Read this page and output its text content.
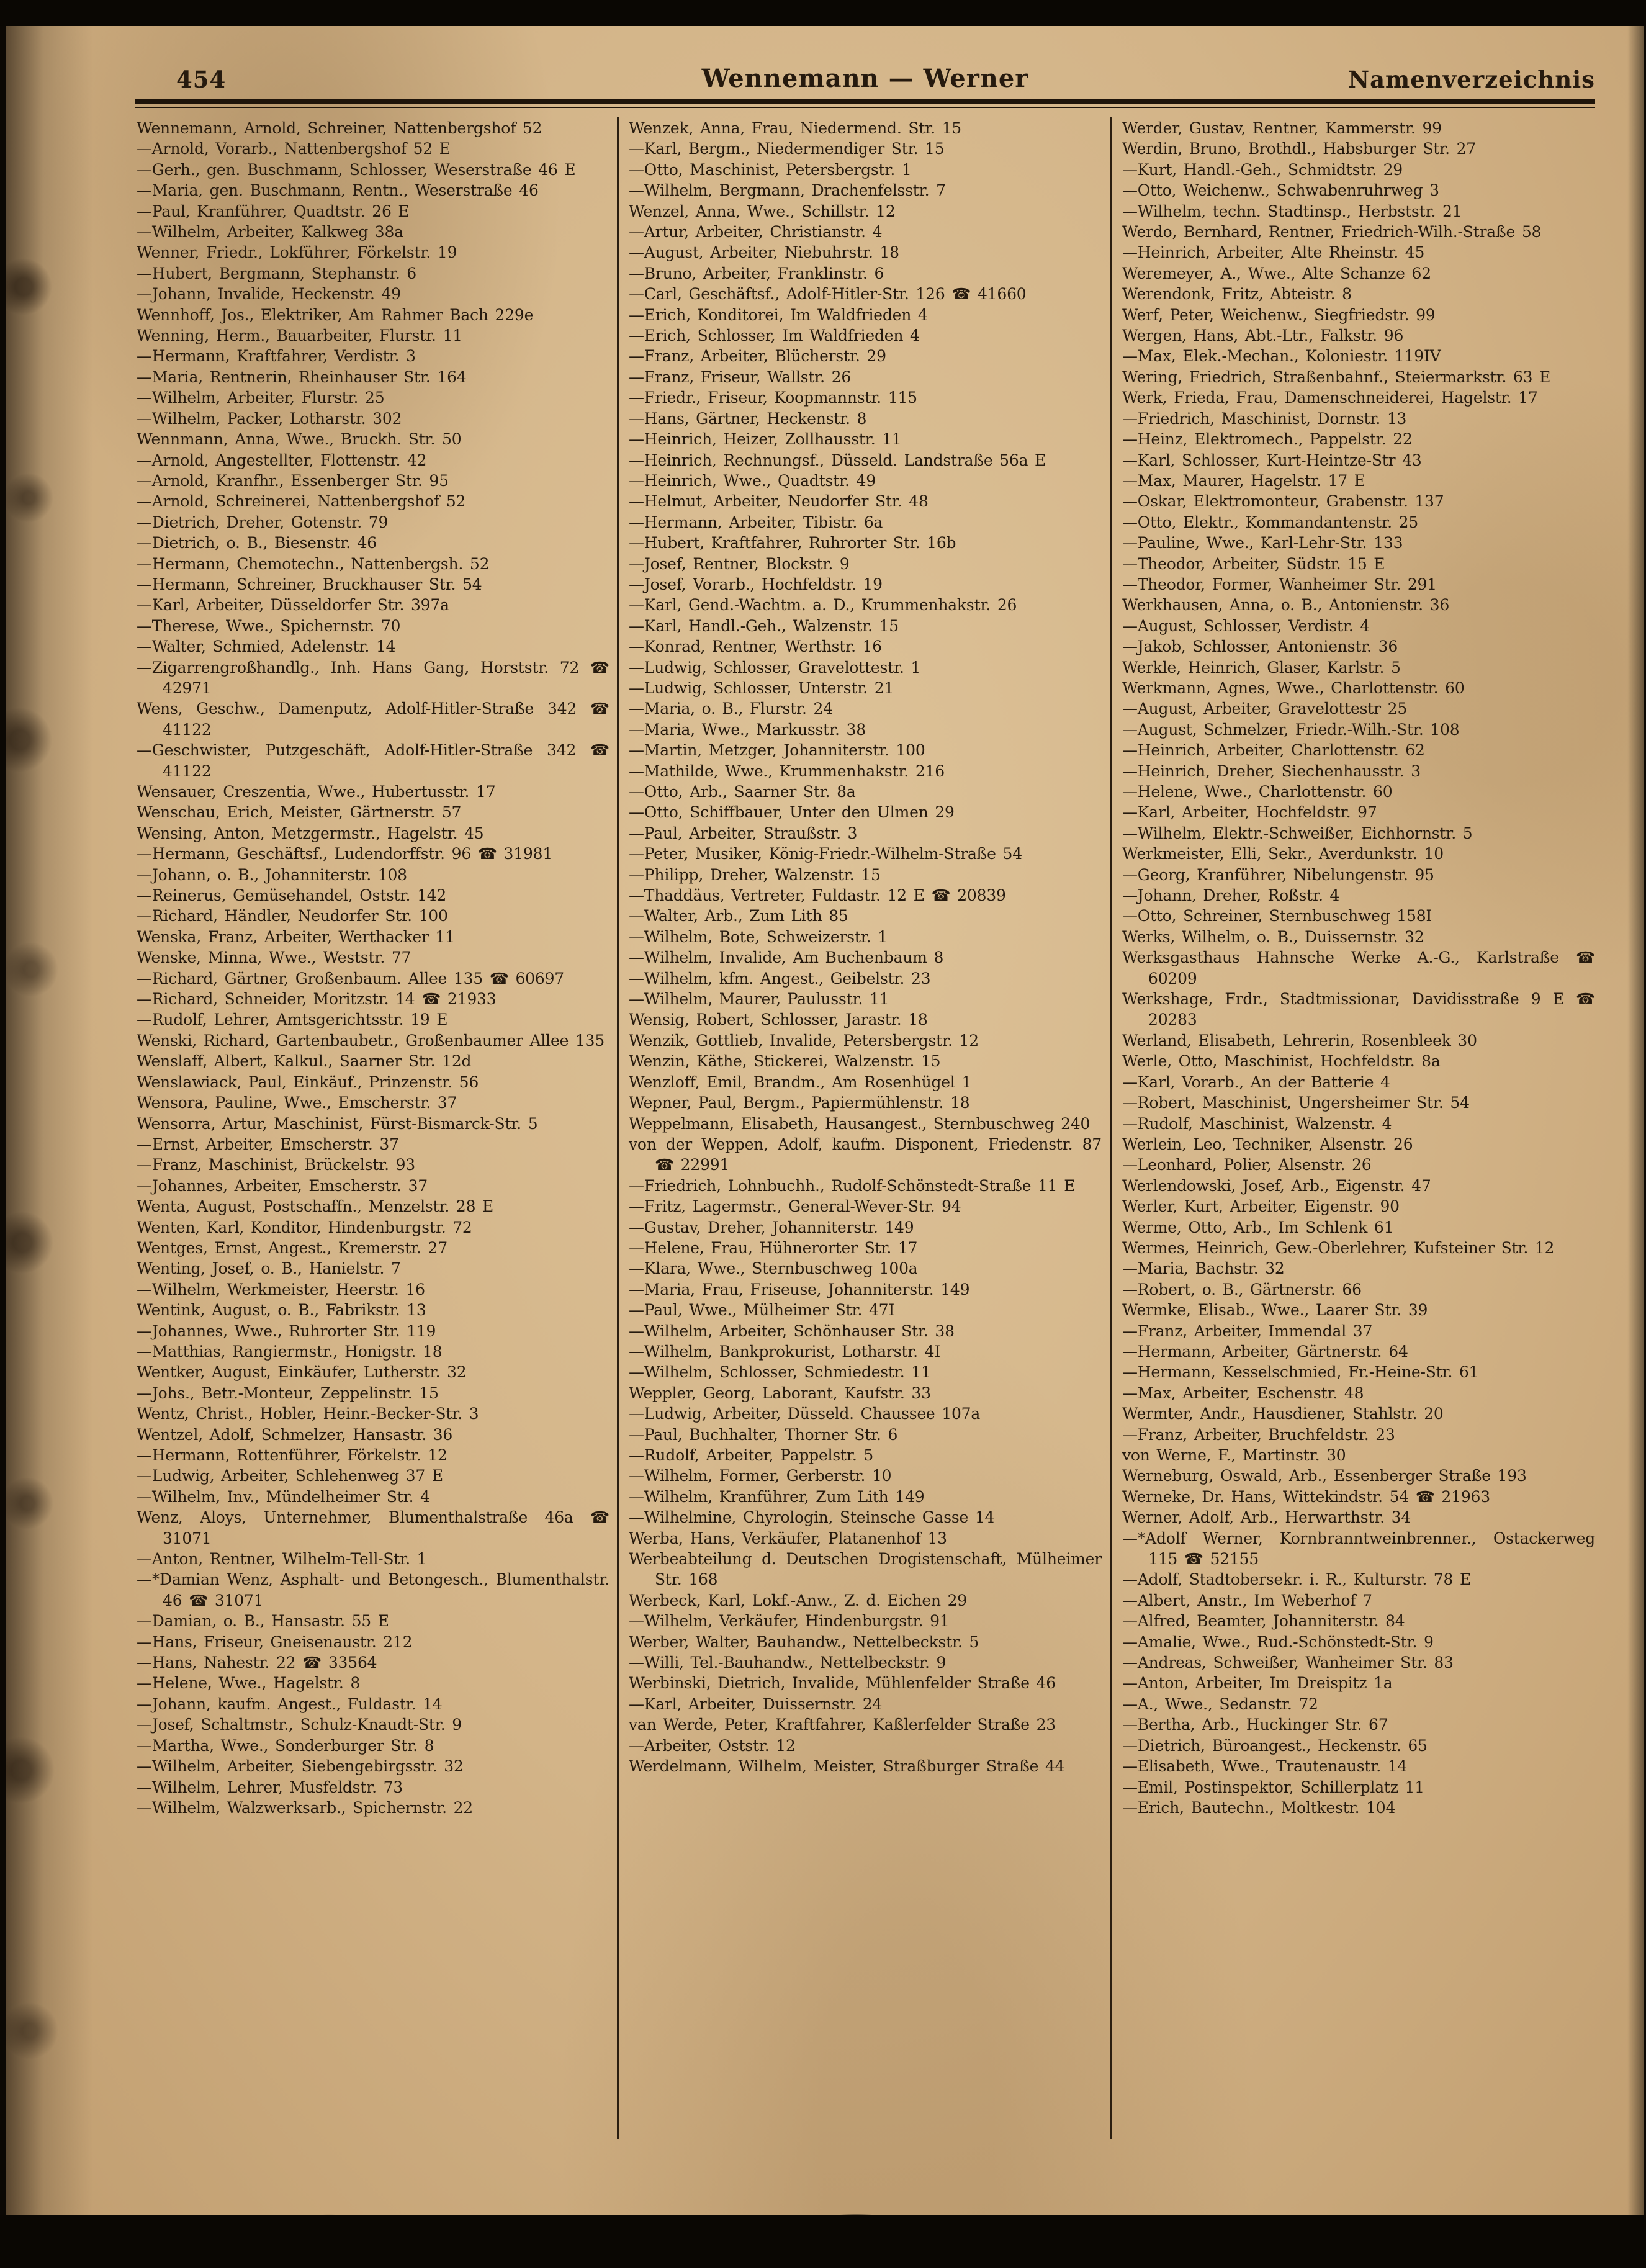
454	Wennemann — Werner	Namenverzeichnis

Wennemann, Arnold, Schreiner, Nattenbergshof 52

—Arnold, Vorarb., Nattenbergshof 52 E

—Gerh., gen. Buschmann, Schlosser, Weserstraße 46 E

—Maria, gen. Buschmann, Rentn., Weserstraße 46

—Paul, Kranführer, Quadtstr. 26 E

—Wilhelm, Arbeiter, Kalkweg 38a

Wenner, Friedr., Lokführer, Förkelstr. 19

—Hubert, Bergmann, Stephanstr. 6

—Johann, Invalide, Heckenstr. 49

Wennhoff, Jos., Elektriker, Am Rahmer Bach 229e

Wenning, Herm., Bauarbeiter, Flurstr. 11

—Hermann, Kraftfahrer, Verdistr. 3

—Maria, Rentnerin, Rheinhauser Str. 164

—Wilhelm, Arbeiter, Flurstr. 25

—Wilhelm, Packer, Lotharstr. 302

Wennmann, Anna, Wwe., Bruckh. Str. 50

—Arnold, Angestellter, Flottenstr. 42

—Arnold, Kranfhr., Essenberger Str. 95

—Arnold, Schreinerei, Nattenbergshof 52

—Dietrich, Dreher, Gotenstr. 79

—Dietrich, o. B., Biesenstr. 46

—Hermann, Chemotechn., Nattenbergsh. 52

—Hermann, Schreiner, Bruckhauser Str. 54

—Karl, Arbeiter, Düsseldorfer Str. 397a

—Therese, Wwe., Spichernstr. 70

—Walter, Schmied, Adelenstr. 14

—Zigarrengroßhandlg., Inh. Hans Gang, Horststr. 72 ☎ 42971

Wens, Geschw., Damenputz, Adolf-Hitler-Straße 342 ☎ 41122

—Geschwister, Putzgeschäft, Adolf-Hitler-Straße 342 ☎ 41122

Wensauer, Creszentia, Wwe., Hubertusstr. 17

Wenschau, Erich, Meister, Gärtnerstr. 57

Wensing, Anton, Metzgermstr., Hagelstr. 45

—Hermann, Geschäftsf., Ludendorffstr. 96 ☎ 31981

—Johann, o. B., Johanniterstr. 108

—Reinerus, Gemüsehandel, Oststr. 142

—Richard, Händler, Neudorfer Str. 100

Wenska, Franz, Arbeiter, Werthacker 11

Wenske, Minna, Wwe., Weststr. 77

—Richard, Gärtner, Großenbaum. Allee 135 ☎ 60697

—Richard, Schneider, Moritzstr. 14 ☎ 21933

—Rudolf, Lehrer, Amtsgerichtsstr. 19 E

Wenski, Richard, Gartenbaubetr., Großenbaumer Allee 135

Wenslaff, Albert, Kalkul., Saarner Str. 12d

Wenslawiack, Paul, Einkäuf., Prinzenstr. 56

Wensora, Pauline, Wwe., Emscherstr. 37

Wensorra, Artur, Maschinist, Fürst-Bismarck-Str. 5

—Ernst, Arbeiter, Emscherstr. 37

—Franz, Maschinist, Brückelstr. 93

—Johannes, Arbeiter, Emscherstr. 37

Wenta, August, Postschaffn., Menzelstr. 28 E

Wenten, Karl, Konditor, Hindenburgstr. 72

Wentges, Ernst, Angest., Kremerstr. 27

Wenting, Josef, o. B., Hanielstr. 7

—Wilhelm, Werkmeister, Heerstr. 16

Wentink, August, o. B., Fabrikstr. 13

—Johannes, Wwe., Ruhrorter Str. 119

—Matthias, Rangiermstr., Honigstr. 18

Wentker, August, Einkäufer, Lutherstr. 32

—Johs., Betr.-Monteur, Zeppelinstr. 15

Wentz, Christ., Hobler, Heinr.-Becker-Str. 3

Wentzel, Adolf, Schmelzer, Hansastr. 36

—Hermann, Rottenführer, Förkelstr. 12

—Ludwig, Arbeiter, Schlehenweg 37 E

—Wilhelm, Inv., Mündelheimer Str. 4

Wenz, Aloys, Unternehmer, Blumenthalstraße 46a ☎ 31071

—Anton, Rentner, Wilhelm-Tell-Str. 1

—*Damian Wenz, Asphalt- und Betongesch., Blumenthalstr. 46 ☎ 31071

—Damian, o. B., Hansastr. 55 E

—Hans, Friseur, Gneisenaustr. 212

—Hans, Nahestr. 22 ☎ 33564

—Helene, Wwe., Hagelstr. 8

—Johann, kaufm. Angest., Fuldastr. 14

—Josef, Schaltmstr., Schulz-Knaudt-Str. 9

—Martha, Wwe., Sonderburger Str. 8

—Wilhelm, Arbeiter, Siebengebirgsstr. 32

—Wilhelm, Lehrer, Musfeldstr. 73

—Wilhelm, Walzwerksarb., Spichernstr. 22

Wenzek, Anna, Frau, Niedermend. Str. 15

—Karl, Bergm., Niedermendiger Str. 15

—Otto, Maschinist, Petersbergstr. 1

—Wilhelm, Bergmann, Drachenfelsstr. 7

Wenzel, Anna, Wwe., Schillstr. 12

—Artur, Arbeiter, Christianstr. 4

—August, Arbeiter, Niebuhrstr. 18

—Bruno, Arbeiter, Franklinstr. 6

—Carl, Geschäftsf., Adolf-Hitler-Str. 126 ☎ 41660

—Erich, Konditorei, Im Waldfrieden 4

—Erich, Schlosser, Im Waldfrieden 4

—Franz, Arbeiter, Blücherstr. 29

—Franz, Friseur, Wallstr. 26

—Friedr., Friseur, Koopmannstr. 115

—Hans, Gärtner, Heckenstr. 8

—Heinrich, Heizer, Zollhausstr. 11

—Heinrich, Rechnungsf., Düsseld. Landstraße 56a E

—Heinrich, Wwe., Quadtstr. 49

—Helmut, Arbeiter, Neudorfer Str. 48

—Hermann, Arbeiter, Tibistr. 6a

—Hubert, Kraftfahrer, Ruhrorter Str. 16b

—Josef, Rentner, Blockstr. 9

—Josef, Vorarb., Hochfeldstr. 19

—Karl, Gend.-Wachtm. a. D., Krummenhakstr. 26

—Karl, Handl.-Geh., Walzenstr. 15

—Konrad, Rentner, Werthstr. 16

—Ludwig, Schlosser, Gravelottestr. 1

—Ludwig, Schlosser, Unterstr. 21

—Maria, o. B., Flurstr. 24

—Maria, Wwe., Markusstr. 38

—Martin, Metzger, Johanniterstr. 100

—Mathilde, Wwe., Krummenhakstr. 216

—Otto, Arb., Saarner Str. 8a

—Otto, Schiffbauer, Unter den Ulmen 29

—Paul, Arbeiter, Straußstr. 3

—Peter, Musiker, König-Friedr.-Wilhelm-Straße 54

—Philipp, Dreher, Walzenstr. 15

—Thaddäus, Vertreter, Fuldastr. 12 E ☎ 20839

—Walter, Arb., Zum Lith 85

—Wilhelm, Bote, Schweizerstr. 1

—Wilhelm, Invalide, Am Buchenbaum 8

—Wilhelm, kfm. Angest., Geibelstr. 23

—Wilhelm, Maurer, Paulusstr. 11

Wensig, Robert, Schlosser, Jarastr. 18

Wenzik, Gottlieb, Invalide, Petersbergstr. 12

Wenzin, Käthe, Stickerei, Walzenstr. 15

Wenzloff, Emil, Brandm., Am Rosenhügel 1

Wepner, Paul, Bergm., Papiermühlenstr. 18

Weppelmann, Elisabeth, Hausangest., Sternbuschweg 240

von der Weppen, Adolf, kaufm. Disponent, Friedenstr. 87 ☎ 22991

—Friedrich, Lohnbuchh., Rudolf-Schönstedt-Straße 11 E

—Fritz, Lagermstr., General-Wever-Str. 94

—Gustav, Dreher, Johanniterstr. 149

—Helene, Frau, Hühnerorter Str. 17

—Klara, Wwe., Sternbuschweg 100a

—Maria, Frau, Friseuse, Johanniterstr. 149

—Paul, Wwe., Mülheimer Str. 47I

—Wilhelm, Arbeiter, Schönhauser Str. 38

—Wilhelm, Bankprokurist, Lotharstr. 4I

—Wilhelm, Schlosser, Schmiedestr. 11

Weppler, Georg, Laborant, Kaufstr. 33

—Ludwig, Arbeiter, Düsseld. Chaussee 107a

—Paul, Buchhalter, Thorner Str. 6

—Rudolf, Arbeiter, Pappelstr. 5

—Wilhelm, Former, Gerberstr. 10

—Wilhelm, Kranführer, Zum Lith 149

—Wilhelmine, Chyrologin, Steinsche Gasse 14

Werba, Hans, Verkäufer, Platanenhof 13

Werbeabteilung d. Deutschen Drogistenschaft, Mülheimer Str. 168

Werbeck, Karl, Lokf.-Anw., Z. d. Eichen 29

—Wilhelm, Verkäufer, Hindenburgstr. 91

Werber, Walter, Bauhandw., Nettelbeckstr. 5

—Willi, Tel.-Bauhandw., Nettelbeckstr. 9

Werbinski, Dietrich, Invalide, Mühlenfelder Straße 46

—Karl, Arbeiter, Duissernstr. 24

van Werde, Peter, Kraftfahrer, Kaßlerfelder Straße 23

—Arbeiter, Oststr. 12

Werdelmann, Wilhelm, Meister, Straßburger Straße 44

Werder, Gustav, Rentner, Kammerstr. 99

Werdin, Bruno, Brothdl., Habsburger Str. 27

—Kurt, Handl.-Geh., Schmidtstr. 29

—Otto, Weichenw., Schwabenruhrweg 3

—Wilhelm, techn. Stadtinsp., Herbststr. 21

Werdo, Bernhard, Rentner, Friedrich-Wilh.-Straße 58

—Heinrich, Arbeiter, Alte Rheinstr. 45

Weremeyer, A., Wwe., Alte Schanze 62

Werendonk, Fritz, Abteistr. 8

Werf, Peter, Weichenw., Siegfriedstr. 99

Wergen, Hans, Abt.-Ltr., Falkstr. 96

—Max, Elek.-Mechan., Koloniestr. 119IV

Wering, Friedrich, Straßenbahnf., Steiermarkstr. 63 E

Werk, Frieda, Frau, Damenschneiderei, Hagelstr. 17

—Friedrich, Maschinist, Dornstr. 13

—Heinz, Elektromech., Pappelstr. 22

—Karl, Schlosser, Kurt-Heintze-Str 43

—Max, Maurer, Hagelstr. 17 E

—Oskar, Elektromonteur, Grabenstr. 137

—Otto, Elektr., Kommandantenstr. 25

—Pauline, Wwe., Karl-Lehr-Str. 133

—Theodor, Arbeiter, Südstr. 15 E

—Theodor, Former, Wanheimer Str. 291

Werkhausen, Anna, o. B., Antonienstr. 36

—August, Schlosser, Verdistr. 4

—Jakob, Schlosser, Antonienstr. 36

Werkle, Heinrich, Glaser, Karlstr. 5

Werkmann, Agnes, Wwe., Charlottenstr. 60

—August, Arbeiter, Gravelottestr 25

—August, Schmelzer, Friedr.-Wilh.-Str. 108

—Heinrich, Arbeiter, Charlottenstr. 62

—Heinrich, Dreher, Siechenhausstr. 3

—Helene, Wwe., Charlottenstr. 60

—Karl, Arbeiter, Hochfeldstr. 97

—Wilhelm, Elektr.-Schweißer, Eichhornstr. 5

Werkmeister, Elli, Sekr., Averdunkstr. 10

—Georg, Kranführer, Nibelungenstr. 95

—Johann, Dreher, Roßstr. 4

—Otto, Schreiner, Sternbuschweg 158I

Werks, Wilhelm, o. B., Duissernstr. 32

Werksgasthaus Hahnsche Werke A.-G., Karlstraße ☎ 60209

Werkshage, Frdr., Stadtmissionar, Davidisstraße 9 E ☎ 20283

Werland, Elisabeth, Lehrerin, Rosenbleek 30

Werle, Otto, Maschinist, Hochfeldstr. 8a

—Karl, Vorarb., An der Batterie 4

—Robert, Maschinist, Ungersheimer Str. 54

—Rudolf, Maschinist, Walzenstr. 4

Werlein, Leo, Techniker, Alsenstr. 26

—Leonhard, Polier, Alsenstr. 26

Werlendowski, Josef, Arb., Eigenstr. 47

Werler, Kurt, Arbeiter, Eigenstr. 90

Werme, Otto, Arb., Im Schlenk 61

Wermes, Heinrich, Gew.-Oberlehrer, Kufsteiner Str. 12

—Maria, Bachstr. 32

—Robert, o. B., Gärtnerstr. 66

Wermke, Elisab., Wwe., Laarer Str. 39

—Franz, Arbeiter, Immendal 37

—Hermann, Arbeiter, Gärtnerstr. 64

—Hermann, Kesselschmied, Fr.-Heine-Str. 61

—Max, Arbeiter, Eschenstr. 48

Wermter, Andr., Hausdiener, Stahlstr. 20

—Franz, Arbeiter, Bruchfeldstr. 23

von Werne, F., Martinstr. 30

Werneburg, Oswald, Arb., Essenberger Straße 193

Werneke, Dr. Hans, Wittekindstr. 54 ☎ 21963

Werner, Adolf, Arb., Herwarthstr. 34

—*Adolf Werner, Kornbranntweinbrenner., Ostackerweg 115 ☎ 52155

—Adolf, Stadtobersekr. i. R., Kulturstr. 78 E

—Albert, Anstr., Im Weberhof 7

—Alfred, Beamter, Johanniterstr. 84

—Amalie, Wwe., Rud.-Schönstedt-Str. 9

—Andreas, Schweißer, Wanheimer Str. 83

—Anton, Arbeiter, Im Dreispitz 1a

—A., Wwe., Sedanstr. 72

—Bertha, Arb., Huckinger Str. 67

—Dietrich, Büroangest., Heckenstr. 65

—Elisabeth, Wwe., Trautenaustr. 14

—Emil, Postinspektor, Schillerplatz 11

—Erich, Bautechn., Moltkestr. 104
